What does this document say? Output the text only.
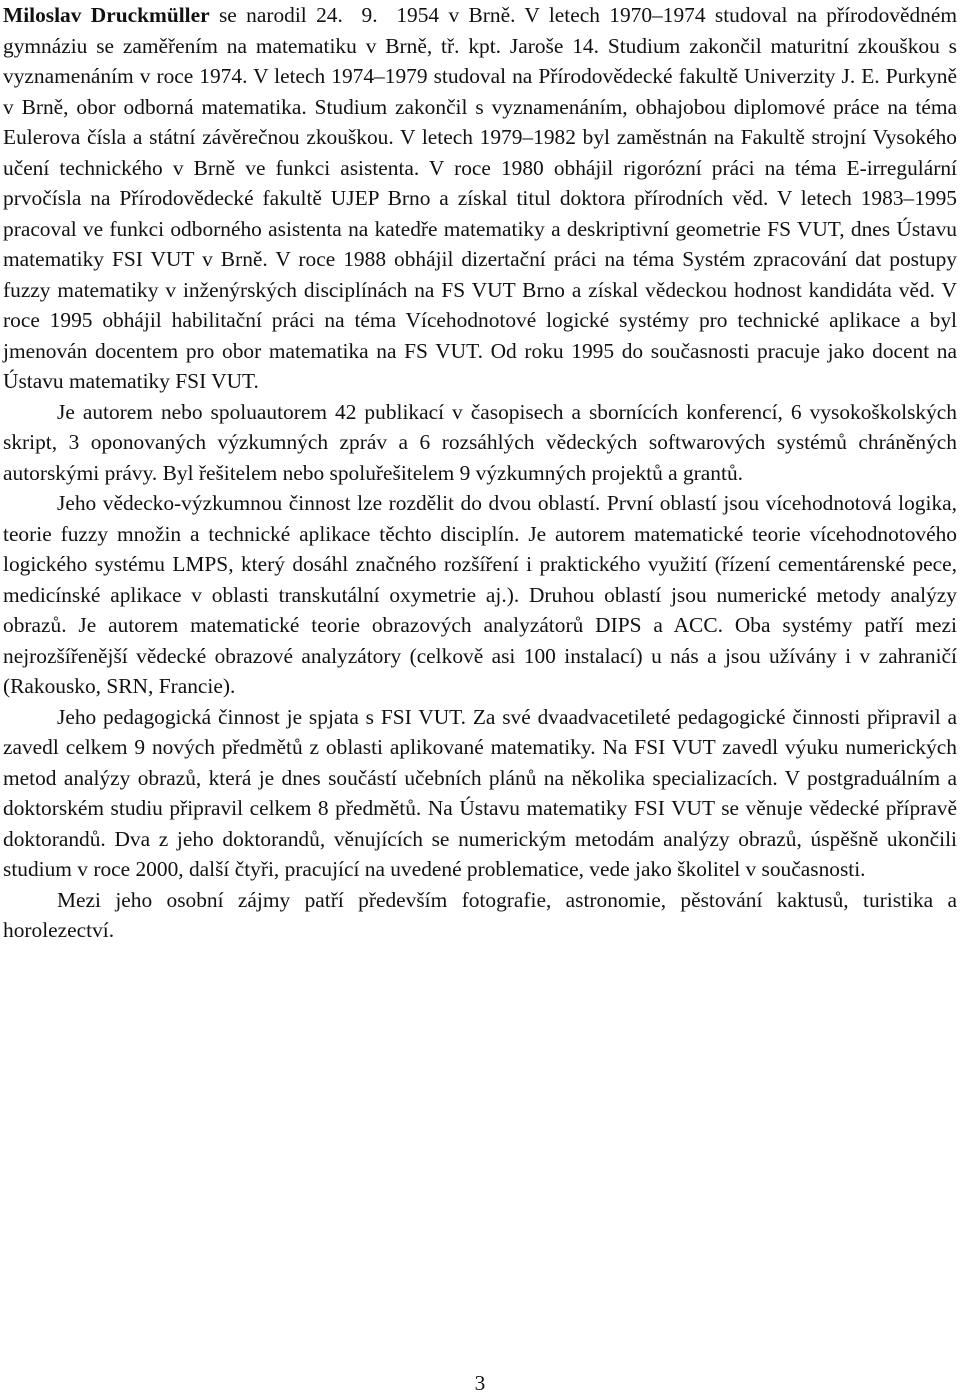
Miloslav Druckmüller se narodil 24.  9.  1954 v Brně. V letech 1970–1974 studoval na přírodovědném gymnáziu se zaměřením na matematiku v Brně, tř. kpt. Jaroše 14. Studium zakončil maturitní zkouškou s vyznamenáním v roce 1974. V letech 1974–1979 studoval na Přírodovědecké fakultě Univerzity J. E. Purkyně v Brně, obor odborná matematika. Studium zakončil s vyznamenáním, obhajobou diplomové práce na téma Eulerova čísla a státní závěrečnou zkouškou. V letech 1979–1982 byl zaměstnán na Fakultě strojní Vysokého učení technického v Brně ve funkci asistenta. V roce 1980 obhájil rigorózní práci na téma E-irregulární prvočísla na Přírodovědecké fakultě UJEP Brno a získal titul doktora přírodních věd. V letech 1983–1995 pracoval ve funkci odborného asistenta na katedře matematiky a deskriptivní geometrie FS VUT, dnes Ústavu matematiky FSI VUT v Brně. V roce 1988 obhájil dizertační práci na téma Systém zpracování dat postupy fuzzy matematiky v inženýrských disciplínách na FS VUT Brno a získal vědeckou hodnost kandidáta věd. V roce 1995 obhájil habilitační práci na téma Vícehodnotové logické systémy pro technické aplikace a byl jmenován docentem pro obor matematika na FS VUT. Od roku 1995 do současnosti pracuje jako docent na Ústavu matematiky FSI VUT.

Je autorem nebo spoluautorem 42 publikací v časopisech a sbornících konferencí, 6 vysokoškolských skript, 3 oponovaných výzkumných zpráv a 6 rozsáhlých vědeckých softwarových systémů chráněných autorskými právy. Byl řešitelem nebo spoluřešitelem 9 výzkumných projektů a grantů.

Jeho vědecko-výzkumnou činnost lze rozdělit do dvou oblastí. První oblastí jsou vícehodnotová logika, teorie fuzzy množin a technické aplikace těchto disciplín. Je autorem matematické teorie vícehodnotového logického systému LMPS, který dosáhl značného rozšíření i praktického využití (řízení cementárenské pece, medicínské aplikace v oblasti transkutální oxymetrie aj.). Druhou oblastí jsou numerické metody analýzy obrazů. Je autorem matematické teorie obrazových analyzátorů DIPS a ACC. Oba systémy patří mezi nejrozšířenější vědecké obrazové analyzátory (celkově asi 100 instalací) u nás a jsou užívány i v zahraničí (Rakousko, SRN, Francie).

Jeho pedagogická činnost je spjata s FSI VUT. Za své dvaadvacetileté pedagogické činnosti připravil a zavedl celkem 9 nových předmětů z oblasti aplikované matematiky. Na FSI VUT zavedl výuku numerických metod analýzy obrazů, která je dnes součástí učebních plánů na několika specializacích. V postgraduálním a doktorském studiu připravil celkem 8 předmětů. Na Ústavu matematiky FSI VUT se věnuje vědecké přípravě doktorandů. Dva z jeho doktorandů, věnujících se numerickým metodám analýzy obrazů, úspěšně ukončili studium v roce 2000, další čtyři, pracující na uvedené problematice, vede jako školitel v současnosti.

Mezi jeho osobní zájmy patří především fotografie, astronomie, pěstování kaktusů, turistika a horolezectví.

3
